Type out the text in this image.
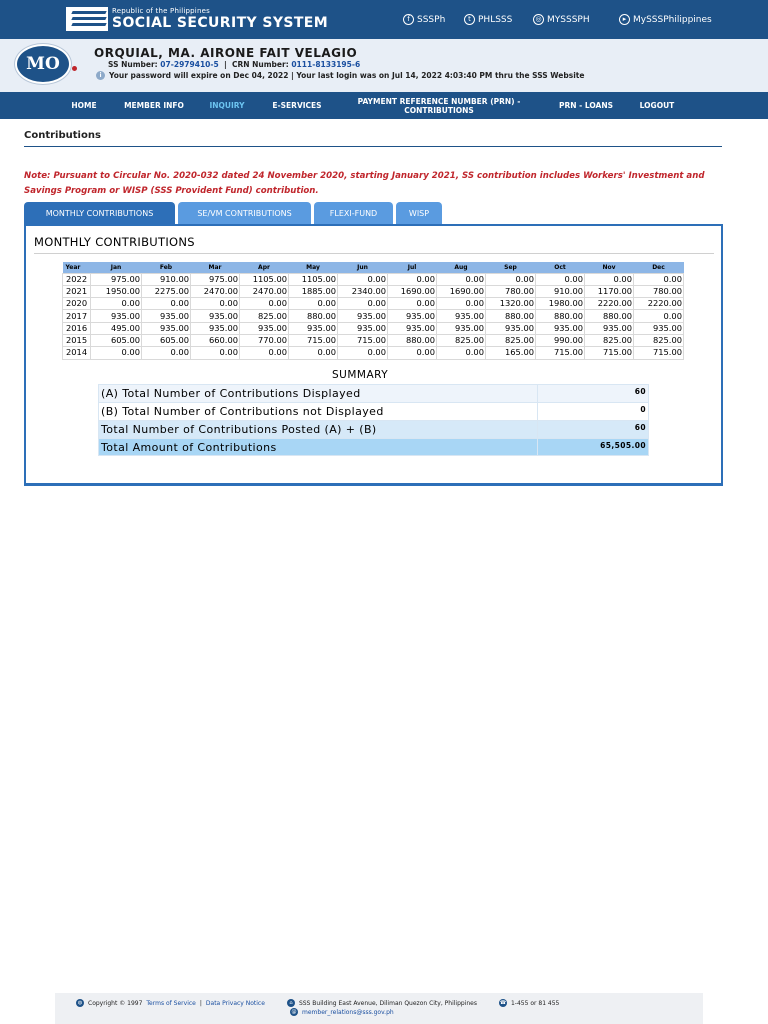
Republic of the Philippines
SOCIAL SECURITY SYSTEM	f SSSPh	t PHLSSS	◎ MYSSSPH	▸ MySSSPhilippines
MO
ORQUIAL, MA. AIRONE FAIT VELAGIO
SS Number: 07-2979410-5  |  CRN Number: 0111-8133195-6
i Your password will expire on Dec 04, 2022 | Your last login was on Jul 14, 2022 4:03:40 PM thru the SSS Website
HOME	MEMBER INFO	INQUIRY	E-SERVICES	PAYMENT REFERENCE NUMBER (PRN) - CONTRIBUTIONS	PRN - LOANS	LOGOUT
Contributions
Note: Pursuant to Circular No. 2020-032 dated 24 November 2020, starting January 2021, SS contribution includes Workers' Investment and Savings Program or WISP (SSS Provident Fund) contribution.
MONTHLY CONTRIBUTIONS	SE/VM CONTRIBUTIONS	FLEXI-FUND	WISP
MONTHLY CONTRIBUTIONS
Year	Jan	Feb	Mar	Apr	May	Jun	Jul	Aug	Sep	Oct	Nov	Dec
2022	975.00	910.00	975.00	1105.00	1105.00	0.00	0.00	0.00	0.00	0.00	0.00	0.00
2021	1950.00	2275.00	2470.00	2470.00	1885.00	2340.00	1690.00	1690.00	780.00	910.00	1170.00	780.00
2020	0.00	0.00	0.00	0.00	0.00	0.00	0.00	0.00	1320.00	1980.00	2220.00	2220.00
2017	935.00	935.00	935.00	825.00	880.00	935.00	935.00	935.00	880.00	880.00	880.00	0.00
2016	495.00	935.00	935.00	935.00	935.00	935.00	935.00	935.00	935.00	935.00	935.00	935.00
2015	605.00	605.00	660.00	770.00	715.00	715.00	880.00	825.00	825.00	990.00	825.00	825.00
2014	0.00	0.00	0.00	0.00	0.00	0.00	0.00	0.00	165.00	715.00	715.00	715.00
SUMMARY
(A) Total Number of Contributions Displayed	60
(B) Total Number of Contributions not Displayed	0
Total Number of Contributions Posted (A) + (B)	60
Total Amount of Contributions	65,505.00
◍ Copyright © 1997 Terms of Service | Data Privacy Notice	⌂	SSS Building East Avenue, Diliman Quezon City, Philippines	☎ 1-455 or 81 455
@ member_relations@sss.gov.ph
